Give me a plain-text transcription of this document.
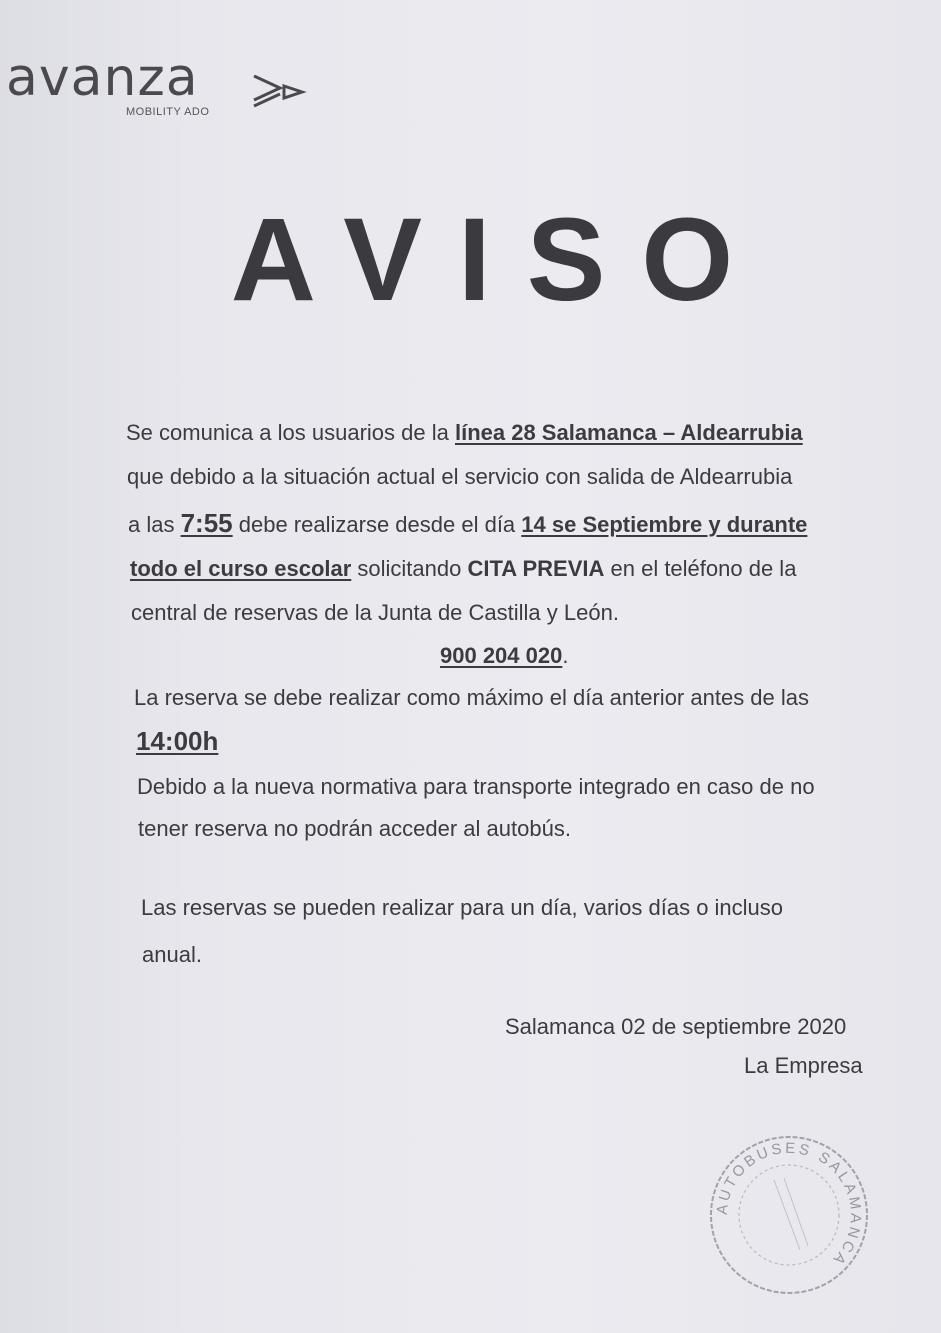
avanza
MOBILITY ADO
AVISO
Se comunica a los usuarios de la línea 28 Salamanca – Aldearrubia
que debido a la situación actual el servicio con salida de Aldearrubia
a las 7:55 debe realizarse desde el día 14 se Septiembre y durante
todo el curso escolar solicitando CITA PREVIA en el teléfono de la
central de reservas de la Junta de Castilla y León.
900 204 020.
La reserva se debe realizar como máximo el día anterior antes de las
14:00h
Debido a la nueva normativa para transporte integrado en caso de no
tener reserva no podrán acceder al autobús.
Las reservas se pueden realizar para un día, varios días o incluso
anual.
Salamanca 02 de septiembre 2020
La Empresa
AUTOBUSES SALAMANCA
